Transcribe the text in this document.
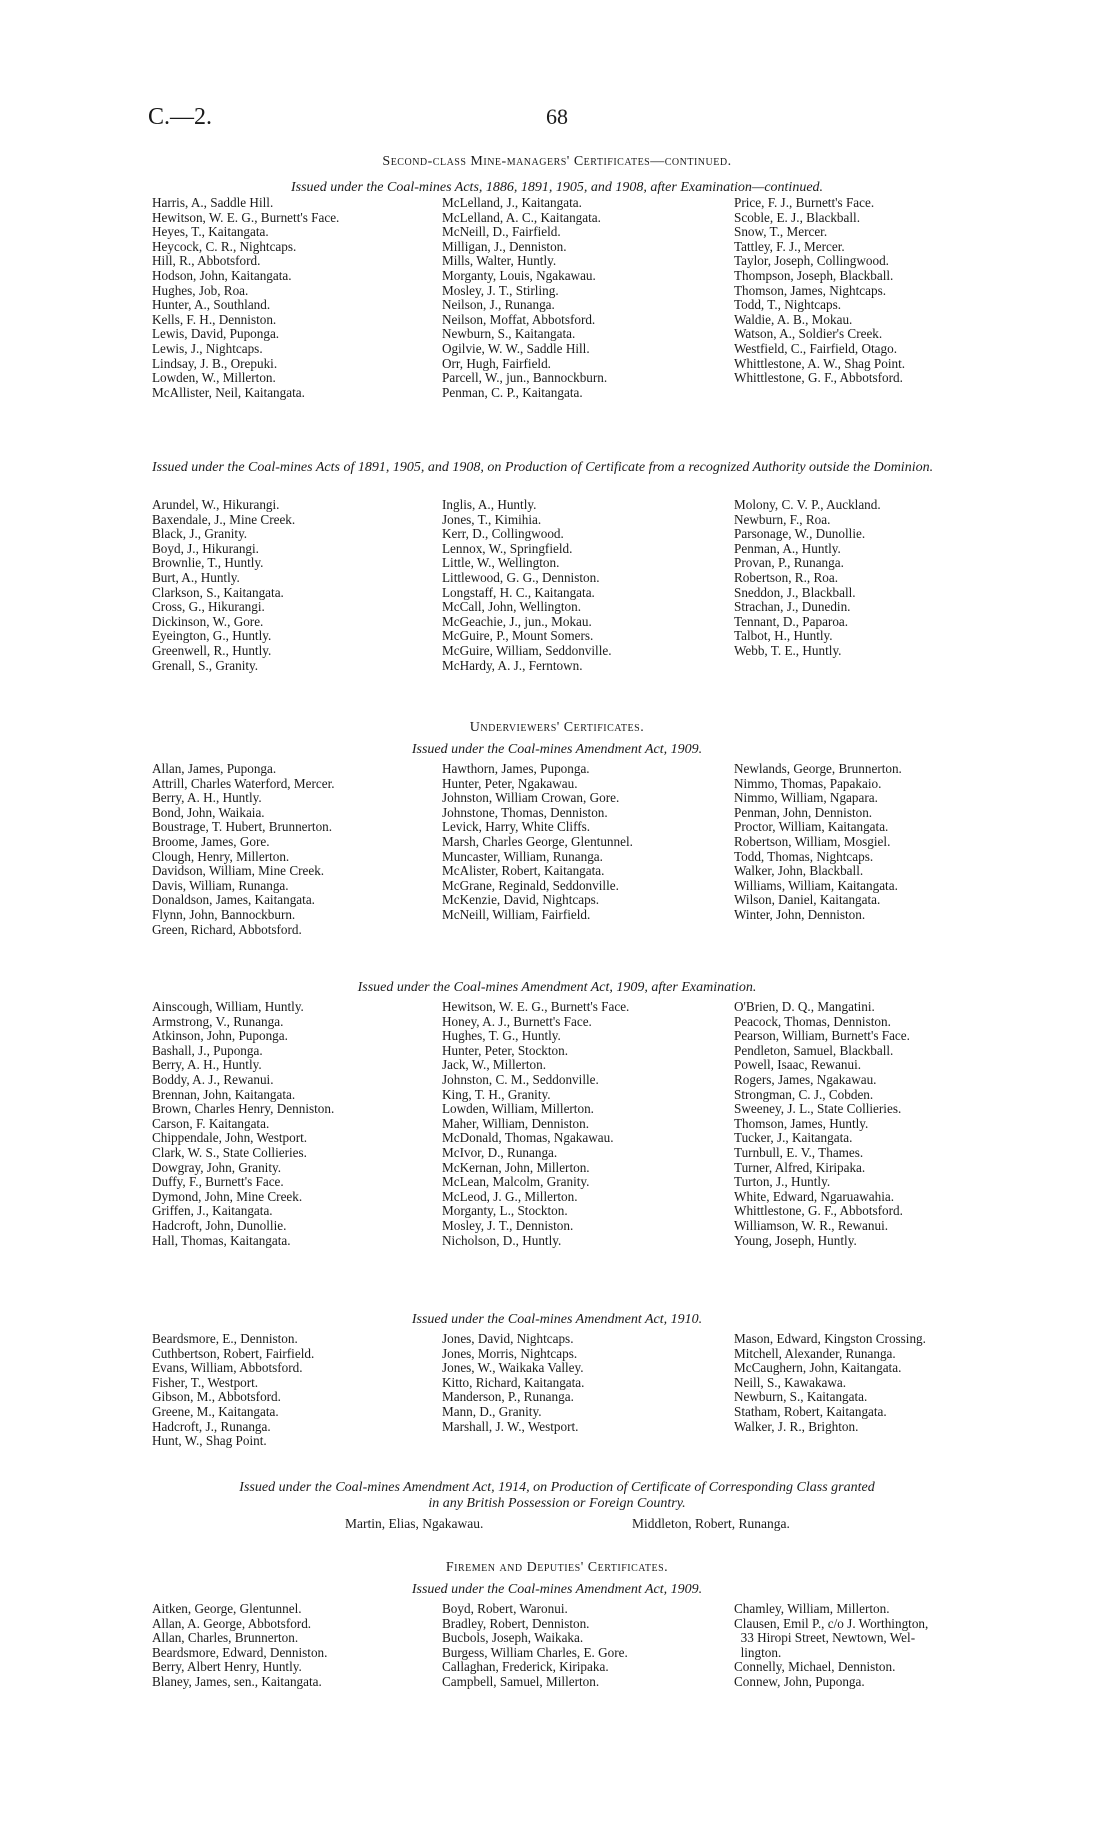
C.—2.	68
Second-class Mine-managers' Certificates—continued.
Issued under the Coal-mines Acts, 1886, 1891, 1905, and 1908, after Examination—continued.
Harris, A., Saddle Hill.
Hewitson, W. E. G., Burnett's Face.
Heyes, T., Kaitangata.
Heycock, C. R., Nightcaps.
Hill, R., Abbotsford.
Hodson, John, Kaitangata.
Hughes, Job, Roa.
Hunter, A., Southland.
Kells, F. H., Denniston.
Lewis, David, Puponga.
Lewis, J., Nightcaps.
Lindsay, J. B., Orepuki.
Lowden, W., Millerton.
McAllister, Neil, Kaitangata.
McLelland, J., Kaitangata.
McLelland, A. C., Kaitangata.
McNeill, D., Fairfield.
Milligan, J., Denniston.
Mills, Walter, Huntly.
Morganty, Louis, Ngakawau.
Mosley, J. T., Stirling.
Neilson, J., Runanga.
Neilson, Moffat, Abbotsford.
Newburn, S., Kaitangata.
Ogilvie, W. W., Saddle Hill.
Orr, Hugh, Fairfield.
Parcell, W., jun., Bannockburn.
Penman, C. P., Kaitangata.
Price, F. J., Burnett's Face.
Scoble, E. J., Blackball.
Snow, T., Mercer.
Tattley, F. J., Mercer.
Taylor, Joseph, Collingwood.
Thompson, Joseph, Blackball.
Thomson, James, Nightcaps.
Todd, T., Nightcaps.
Waldie, A. B., Mokau.
Watson, A., Soldier's Creek.
Westfield, C., Fairfield, Otago.
Whittlestone, A. W., Shag Point.
Whittlestone, G. F., Abbotsford.
Issued under the Coal-mines Acts of 1891, 1905, and 1908, on Production of Certificate from a recognized Authority outside the Dominion.
Arundel, W., Hikurangi.
Baxendale, J., Mine Creek.
Black, J., Granity.
Boyd, J., Hikurangi.
Brownlie, T., Huntly.
Burt, A., Huntly.
Clarkson, S., Kaitangata.
Cross, G., Hikurangi.
Dickinson, W., Gore.
Eyeington, G., Huntly.
Greenwell, R., Huntly.
Grenall, S., Granity.
Inglis, A., Huntly.
Jones, T., Kimihia.
Kerr, D., Collingwood.
Lennox, W., Springfield.
Little, W., Wellington.
Littlewood, G. G., Denniston.
Longstaff, H. C., Kaitangata.
McCall, John, Wellington.
McGeachie, J., jun., Mokau.
McGuire, P., Mount Somers.
McGuire, William, Seddonville.
McHardy, A. J., Ferntown.
Molony, C. V. P., Auckland.
Newburn, F., Roa.
Parsonage, W., Dunollie.
Penman, A., Huntly.
Provan, P., Runanga.
Robertson, R., Roa.
Sneddon, J., Blackball.
Strachan, J., Dunedin.
Tennant, D., Paparoa.
Talbot, H., Huntly.
Webb, T. E., Huntly.
Underviewers' Certificates.
Issued under the Coal-mines Amendment Act, 1909.
Allan, James, Puponga.
Attrill, Charles Waterford, Mercer.
Berry, A. H., Huntly.
Bond, John, Waikaia.
Boustrage, T. Hubert, Brunnerton.
Broome, James, Gore.
Clough, Henry, Millerton.
Davidson, William, Mine Creek.
Davis, William, Runanga.
Donaldson, James, Kaitangata.
Flynn, John, Bannockburn.
Green, Richard, Abbotsford.
Hawthorn, James, Puponga.
Hunter, Peter, Ngakawau.
Johnston, William Crowan, Gore.
Johnstone, Thomas, Denniston.
Levick, Harry, White Cliffs.
Marsh, Charles George, Glentunnel.
Muncaster, William, Runanga.
McAlister, Robert, Kaitangata.
McGrane, Reginald, Seddonville.
McKenzie, David, Nightcaps.
McNeill, William, Fairfield.
Newlands, George, Brunnerton.
Nimmo, Thomas, Papakaio.
Nimmo, William, Ngapara.
Penman, John, Denniston.
Proctor, William, Kaitangata.
Robertson, William, Mosgiel.
Todd, Thomas, Nightcaps.
Walker, John, Blackball.
Williams, William, Kaitangata.
Wilson, Daniel, Kaitangata.
Winter, John, Denniston.
Issued under the Coal-mines Amendment Act, 1909, after Examination.
Ainscough, William, Huntly.
Armstrong, V., Runanga.
Atkinson, John, Puponga.
Bashall, J., Puponga.
Berry, A. H., Huntly.
Boddy, A. J., Rewanui.
Brennan, John, Kaitangata.
Brown, Charles Henry, Denniston.
Carson, F. Kaitangata.
Chippendale, John, Westport.
Clark, W. S., State Collieries.
Dowgray, John, Granity.
Duffy, F., Burnett's Face.
Dymond, John, Mine Creek.
Griffen, J., Kaitangata.
Hadcroft, John, Dunollie.
Hall, Thomas, Kaitangata.
Hewitson, W. E. G., Burnett's Face.
Honey, A. J., Burnett's Face.
Hughes, T. G., Huntly.
Hunter, Peter, Stockton.
Jack, W., Millerton.
Johnston, C. M., Seddonville.
King, T. H., Granity.
Lowden, William, Millerton.
Maher, William, Denniston.
McDonald, Thomas, Ngakawau.
McIvor, D., Runanga.
McKernan, John, Millerton.
McLean, Malcolm, Granity.
McLeod, J. G., Millerton.
Morganty, L., Stockton.
Mosley, J. T., Denniston.
Nicholson, D., Huntly.
O'Brien, D. Q., Mangatini.
Peacock, Thomas, Denniston.
Pearson, William, Burnett's Face.
Pendleton, Samuel, Blackball.
Powell, Isaac, Rewanui.
Rogers, James, Ngakawau.
Strongman, C. J., Cobden.
Sweeney, J. L., State Collieries.
Thomson, James, Huntly.
Tucker, J., Kaitangata.
Turnbull, E. V., Thames.
Turner, Alfred, Kiripaka.
Turton, J., Huntly.
White, Edward, Ngaruawahia.
Whittlestone, G. F., Abbotsford.
Williamson, W. R., Rewanui.
Young, Joseph, Huntly.
Issued under the Coal-mines Amendment Act, 1910.
Beardsmore, E., Denniston.
Cuthbertson, Robert, Fairfield.
Evans, William, Abbotsford.
Fisher, T., Westport.
Gibson, M., Abbotsford.
Greene, M., Kaitangata.
Hadcroft, J., Runanga.
Hunt, W., Shag Point.
Jones, David, Nightcaps.
Jones, Morris, Nightcaps.
Jones, W., Waikaka Valley.
Kitto, Richard, Kaitangata.
Manderson, P., Runanga.
Mann, D., Granity.
Marshall, J. W., Westport.
Mason, Edward, Kingston Crossing.
Mitchell, Alexander, Runanga.
McCaughern, John, Kaitangata.
Neill, S., Kawakawa.
Newburn, S., Kaitangata.
Statham, Robert, Kaitangata.
Walker, J. R., Brighton.
Issued under the Coal-mines Amendment Act, 1914, on Production of Certificate of Corresponding Class granted
in any British Possession or Foreign Country.
Martin, Elias, Ngakawau.	Middleton, Robert, Runanga.
Firemen and Deputies' Certificates.
Issued under the Coal-mines Amendment Act, 1909.
Aitken, George, Glentunnel.
Allan, A. George, Abbotsford.
Allan, Charles, Brunnerton.
Beardsmore, Edward, Denniston.
Berry, Albert Henry, Huntly.
Blaney, James, sen., Kaitangata.
Boyd, Robert, Waronui.
Bradley, Robert, Denniston.
Bucbols, Joseph, Waikaka.
Burgess, William Charles, E. Gore.
Callaghan, Frederick, Kiripaka.
Campbell, Samuel, Millerton.
Chamley, William, Millerton.
Clausen, Emil P., c/o J. Worthington,
33 Hiropi Street, Newtown, Wel-
lington.
Connelly, Michael, Denniston.
Connew, John, Puponga.
